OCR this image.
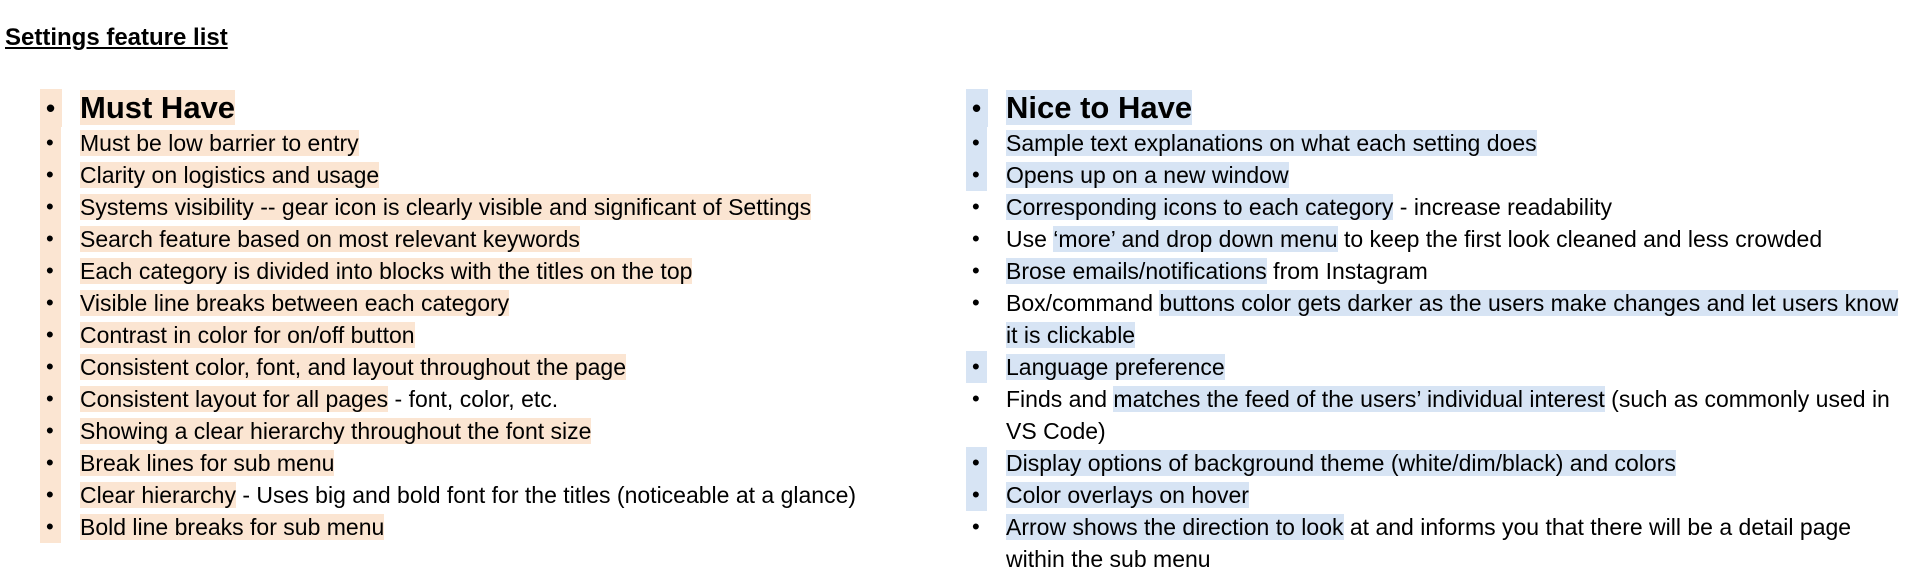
Settings feature list
• Must Have
•	Must be low barrier to entry
•	Clarity on logistics and usage
•	Systems visibility -- gear icon is clearly visible and significant of Settings
•	Search feature based on most relevant keywords
•	Each category is divided into blocks with the titles on the top
•	Visible line breaks between each category
•	Contrast in color for on/off button
•	Consistent color, font, and layout throughout the page
•	Consistent layout for all pages - font, color, etc.
•	Showing a clear hierarchy throughout the font size
•	Break lines for sub menu
•	Clear hierarchy - Uses big and bold font for the titles (noticeable at a glance)
•	Bold line breaks for sub menu
• Nice to Have
•	Sample text explanations on what each setting does
•	Opens up on a new window
• Corresponding icons to each category - increase readability
• Use ‘more’ and drop down menu to keep the first look cleaned and less crowded
• Brose emails/notifications from Instagram
• Box/command buttons color gets darker as the users make changes and let users know it is clickable
•	Language preference
• Finds and matches the feed of the users’ individual interest (such as commonly used in VS Code)
•	Display options of background theme (white/dim/black) and colors
•	Color overlays on hover
• Arrow shows the direction to look at and informs you that there will be a detail page within the sub menu
